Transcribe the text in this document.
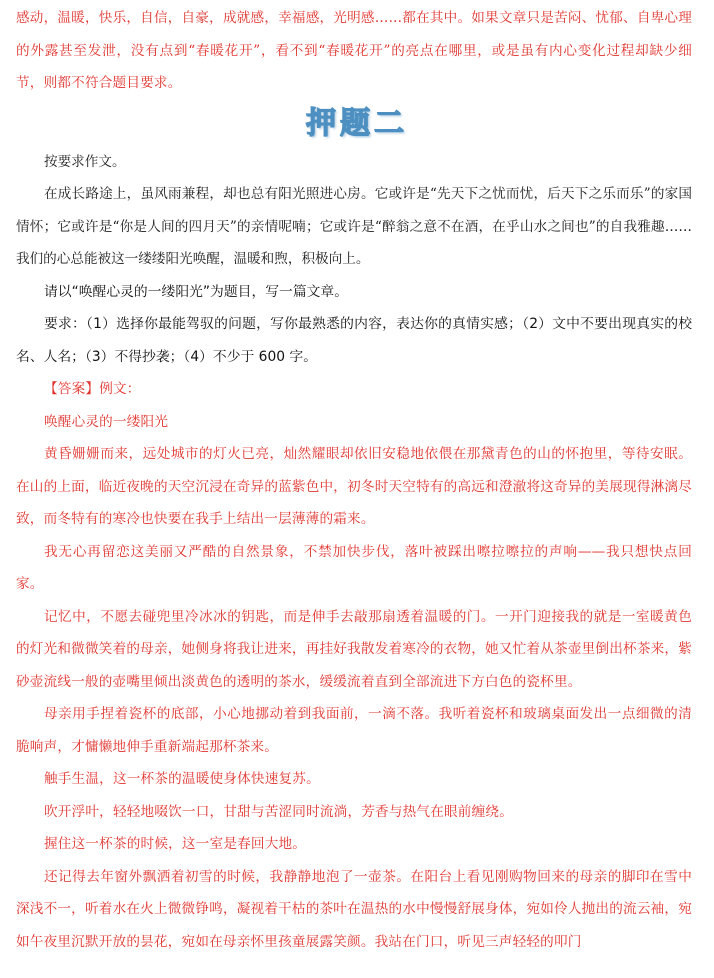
感动，温暖，快乐，自信，自豪，成就感，幸福感，光明感……都在其中。如果文章只是苦闷、忧郁、自卑心理的外露甚至发泄，没有点到“春暖花开”，看不到“春暖花开”的亮点在哪里，或是虽有内心变化过程却缺少细节，则都不符合题目要求。

押题二

按要求作文。

在成长路途上，虽风雨兼程，却也总有阳光照进心房。它或许是“先天下之忧而忧，后天下之乐而乐”的家国情怀；它或许是“你是人间的四月天”的亲情呢喃；它或许是“醉翁之意不在酒，在乎山水之间也”的自我雅趣……我们的心总能被这一缕缕阳光唤醒，温暖和煦，积极向上。

请以“唤醒心灵的一缕阳光”为题目，写一篇文章。

要求：（1）选择你最能驾驭的问题，写你最熟悉的内容，表达你的真情实感；（2）文中不要出现真实的校名、人名；（3）不得抄袭；（4）不少于 600 字。

【答案】例文：

唤醒心灵的一缕阳光

黄昏姗姗而来，远处城市的灯火已亮，灿然耀眼却依旧安稳地依偎在那黛青色的山的怀抱里，等待安眠。在山的上面，临近夜晚的天空沉浸在奇异的蓝紫色中，初冬时天空特有的高远和澄澈将这奇异的美展现得淋漓尽致，而冬特有的寒冷也快要在我手上结出一层薄薄的霜来。

我无心再留恋这美丽又严酷的自然景象，不禁加快步伐，落叶被踩出嚓拉嚓拉的声响——我只想快点回家。

记忆中，不愿去碰兜里冷冰冰的钥匙，而是伸手去敲那扇透着温暖的门。一开门迎接我的就是一室暖黄色的灯光和微微笑着的母亲，她侧身将我让进来，再挂好我散发着寒冷的衣物，她又忙着从茶壶里倒出杯茶来，紫砂壶流线一般的壶嘴里倾出淡黄色的透明的茶水，缓缓流着直到全部流进下方白色的瓷杯里。

母亲用手捏着瓷杯的底部，小心地挪动着到我面前，一滴不落。我听着瓷杯和玻璃桌面发出一点细微的清脆响声，才慵懒地伸手重新端起那杯茶来。

触手生温，这一杯茶的温暖使身体快速复苏。

吹开浮叶，轻轻地啜饮一口，甘甜与苦涩同时流淌，芳香与热气在眼前缠绕。

握住这一杯茶的时候，这一室是春回大地。

还记得去年窗外飘洒着初雪的时候，我静静地泡了一壶茶。在阳台上看见刚购物回来的母亲的脚印在雪中深浅不一，听着水在火上微微铮鸣，凝视着干枯的茶叶在温热的水中慢慢舒展身体，宛如伶人抛出的流云袖，宛如午夜里沉默开放的昙花，宛如在母亲怀里孩童展露笑颜。我站在门口，听见三声轻轻的叩门
